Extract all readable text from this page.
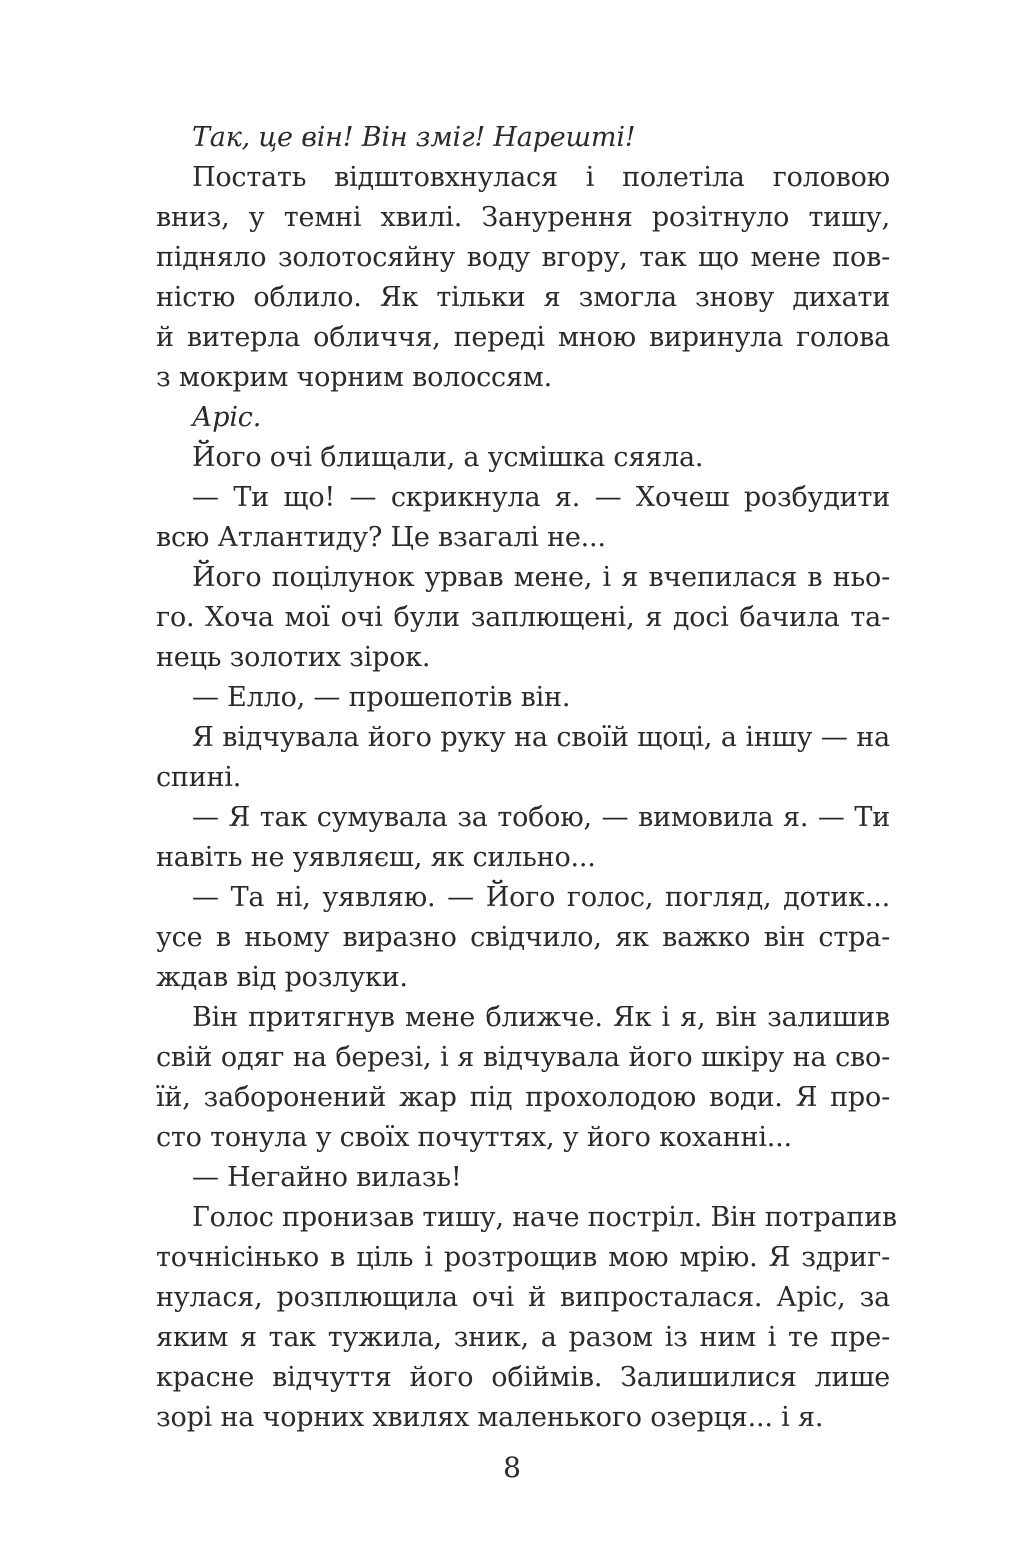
Так, це він! Він зміг! Нарешті!
Постать відштовхнулася і полетіла головою
вниз, у темні хвилі. Занурення розітнуло тишу,
підняло золотосяйну воду вгору, так що мене пов-
ністю облило. Як тільки я змогла знову дихати
й витерла обличчя, переді мною виринула голова
з мокрим чорним волоссям.
Аріс.
Його очі блищали, а усмішка сяяла.
— Ти що! — скрикнула я. — Хочеш розбудити
всю Атлантиду? Це взагалі не...
Його поцілунок урвав мене, і я вчепилася в ньо-
го. Хоча мої очі були заплющені, я досі бачила та-
нець золотих зірок.
— Елло, — прошепотів він.
Я відчувала його руку на своїй щоці, а іншу — на
спині.
— Я так сумувала за тобою, — вимовила я. — Ти
навіть не уявляєш, як сильно...
— Та ні, уявляю. — Його голос, погляд, дотик...
усе в ньому виразно свідчило, як важко він стра-
ждав від розлуки.
Він притягнув мене ближче. Як і я, він залишив
свій одяг на березі, і я відчувала його шкіру на сво-
їй, заборонений жар під прохолодою води. Я про-
сто тонула у своїх почуттях, у його коханні...
— Негайно вилазь!
Голос пронизав тишу, наче постріл. Він потрапив
точнісінько в ціль і розтрощив мою мрію. Я здриг-
нулася, розплющила очі й випросталася. Аріс, за
яким я так тужила, зник, а разом із ним і те пре-
красне відчуття його обіймів. Залишилися лише
зорі на чорних хвилях маленького озерця... і я.
8
